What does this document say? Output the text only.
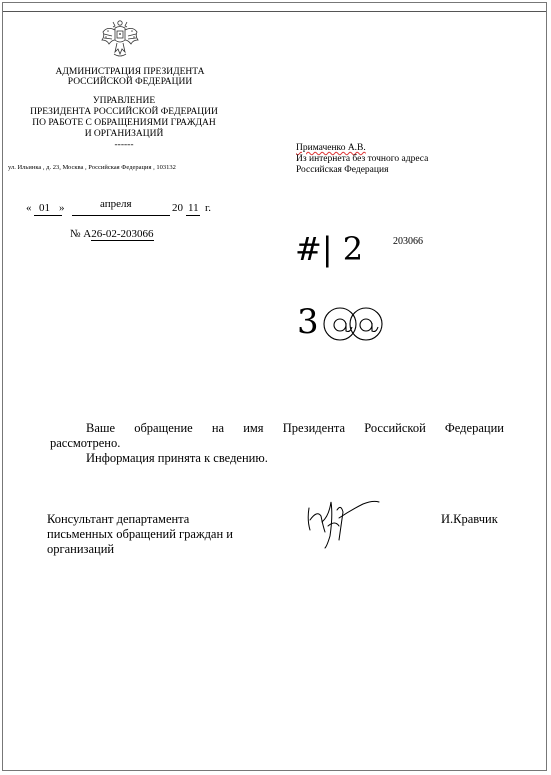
АДМИНИСТРАЦИЯ ПРЕЗИДЕНТА
РОССИЙСКОЙ ФЕДЕРАЦИИ
УПРАВЛЕНИЕ
ПРЕЗИДЕНТА РОССИЙСКОЙ ФЕДЕРАЦИИ
ПО РАБОТЕ С ОБРАЩЕНИЯМИ ГРАЖДАН
И ОРГАНИЗАЦИЙ
------
ул. Ильинка , д. 23, Москва , Российская Федерация , 103132
Примаченко А.В.
Из интернета без точного адреса
Российская Федерация
« 01 »	апреля	20 11 г.
№ А26-02-203066	#| 2	203066
3

Ваше обращение на имя Президента Российской Федерации

рассмотрено.

Информация принята к сведению.

Консультант департамента
письменных обращений граждан и
организаций
И.Кравчик
